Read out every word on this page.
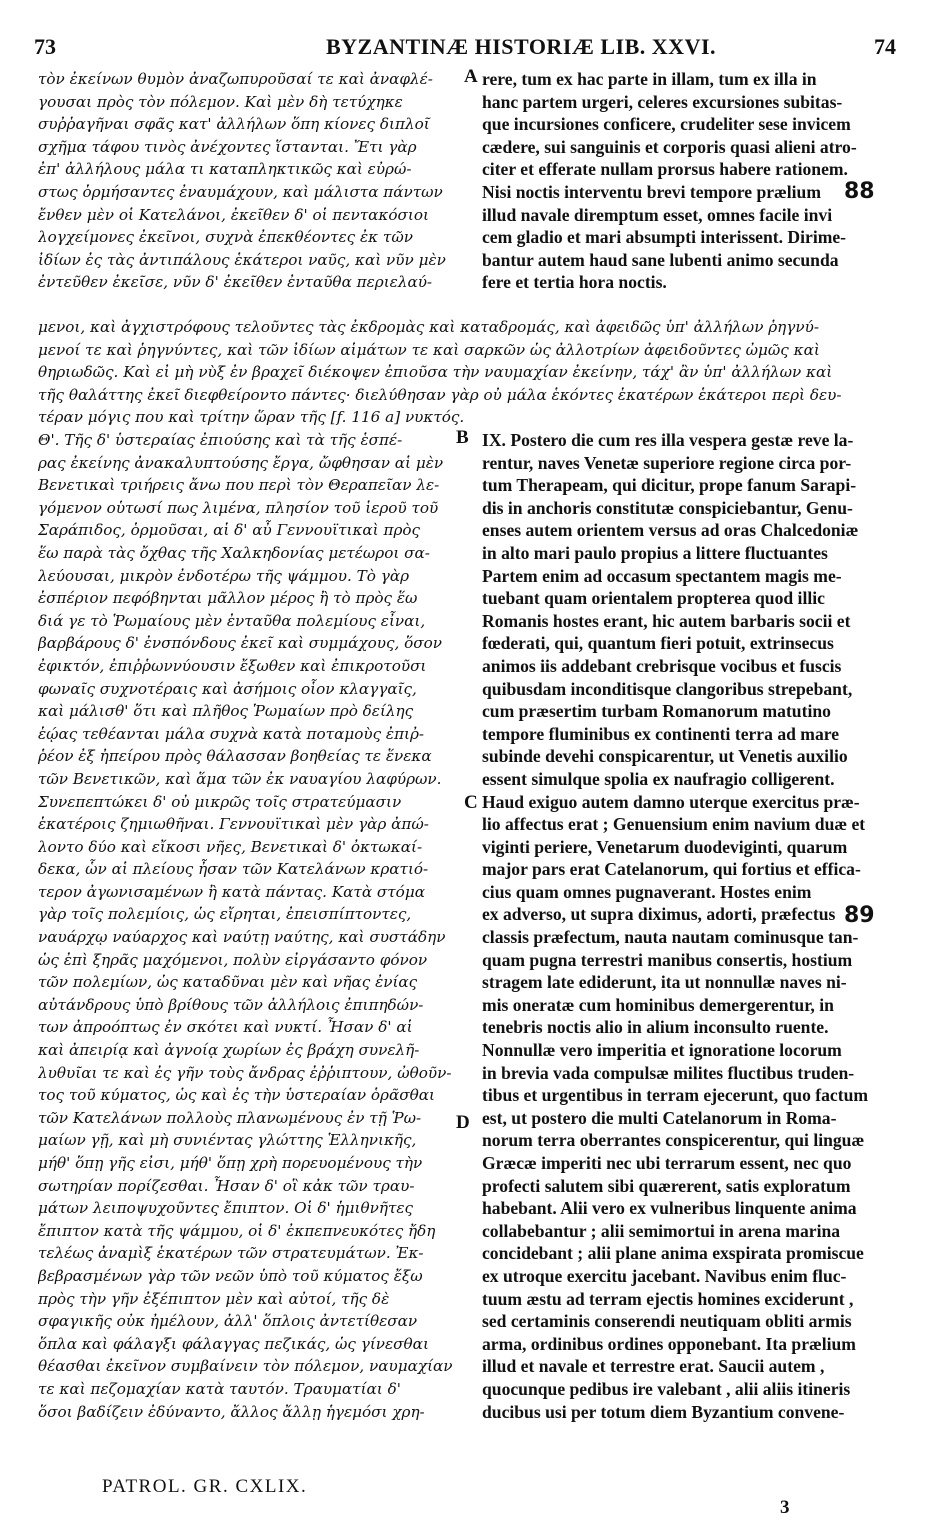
73	BYZANTINÆ HISTORIÆ LIB. XXVI.	74
τὸν ἐκείνων θυμὸν ἀναζωπυροῦσαί τε καὶ ἀναφλέ-
γουσαι πρὸς τὸν πόλεμον. Καὶ μὲν δὴ τετύχηκε
συῤῥαγῆναι σφᾶς κατ' ἀλλήλων ὅπη κίονες διπλοῖ
σχῆμα τάφου τινὸς ἀνέχοντες ἵστανται. Ἔτι γὰρ
ἐπ' ἀλλήλους μάλα τι καταπληκτικῶς καὶ εὐρώ-
στως ὁρμήσαντες ἐναυμάχουν, καὶ μάλιστα πάντων
ἔνθεν μὲν οἱ Κατελάνοι, ἐκεῖθεν δ' οἱ πεντακόσιοι
λογχείμονες ἐκεῖνοι, συχνὰ ἐπεκθέοντες ἐκ τῶν
ἰδίων ἐς τὰς ἀντιπάλους ἑκάτεροι ναῦς, καὶ νῦν μὲν
ἐντεῦθεν ἐκεῖσε, νῦν δ' ἐκεῖθεν ἐνταῦθα περιελαύ-
rere, tum ex hac parte in illam, tum ex illa in
hanc partem urgeri, celeres excursiones subitas-
que incursiones conficere, crudeliter sese invicem
cædere, sui sanguinis et corporis quasi alieni atro-
citer et efferate nullam prorsus habere rationem.
Nisi noctis interventu brevi tempore prælium
illud navale diremptum esset, omnes facile invi
cem gladio et mari absumpti interissent. Dirime-
bantur autem haud sane lubenti animo secunda
fere et tertia hora noctis.
μενοι, καὶ ἀγχιστρόφους τελοῦντες τὰς ἐκδρομὰς καὶ καταδρομάς, καὶ ἀφειδῶς ὑπ' ἀλλήλων ῥηγνύ-
μενοί τε καὶ ῥηγνύντες, καὶ τῶν ἰδίων αἱμάτων τε καὶ σαρκῶν ὡς ἀλλοτρίων ἀφειδοῦντες ὠμῶς καὶ
θηριωδῶς. Καὶ εἰ μὴ νὺξ ἐν βραχεῖ διέκοψεν ἐπιοῦσα τὴν ναυμαχίαν ἐκείνην, τάχ' ἂν ὑπ' ἀλλήλων καὶ
τῆς θαλάττης ἐκεῖ διεφθείροντο πάντες· διελύθησαν γὰρ οὐ μάλα ἑκόντες ἑκατέρων ἑκάτεροι περὶ δευ-
τέραν μόγις που καὶ τρίτην ὥραν τῆς [f. 116 a] νυκτός.
Θ'. Τῆς δ' ὑστεραίας ἐπιούσης καὶ τὰ τῆς ἑσπέ-
ρας ἐκείνης ἀνακαλυπτούσης ἔργα, ὤφθησαν αἱ μὲν
Βενετικαὶ τριήρεις ἄνω που περὶ τὸν Θεραπεῖαν λε-
γόμενον οὑτωσί πως λιμένα, πλησίον τοῦ ἱεροῦ τοῦ
Σαράπιδος, ὁρμοῦσαι, αἱ δ' αὖ Γεννουϊτικαὶ πρὸς
ἕω παρὰ τὰς ὄχθας τῆς Χαλκηδονίας μετέωροι σα-
λεύουσαι, μικρὸν ἐνδοτέρω τῆς ψάμμου. Τὸ γὰρ
ἑσπέριον πεφόβηνται μᾶλλον μέρος ἢ τὸ πρὸς ἕω
διά γε τὸ Ῥωμαίους μὲν ἐνταῦθα πολεμίους εἶναι,
βαρβάρους δ' ἐνσπόνδους ἐκεῖ καὶ συμμάχους, ὅσον
ἐφικτόν, ἐπιῤῥωννύουσιν ἔξωθεν καὶ ἐπικροτοῦσι
φωναῖς συχνοτέραις καὶ ἀσήμοις οἷον κλαγγαῖς,
καὶ μάλισθ' ὅτι καὶ πλῆθος Ῥωμαίων πρὸ δείλης
ἑῴας τεθέανται μάλα συχνὰ κατὰ ποταμοὺς ἐπιῤ-
ῥέον ἐξ ἠπείρου πρὸς θάλασσαν βοηθείας τε ἕνεκα
τῶν Βενετικῶν, καὶ ἅμα τῶν ἐκ ναυαγίου λαφύρων.
Συνεπεπτώκει δ' οὐ μικρῶς τοῖς στρατεύμασιν
ἑκατέροις ζημιωθῆναι. Γεννουϊτικαὶ μὲν γὰρ ἀπώ-
λοντο δύο καὶ εἴκοσι νῆες, Βενετικαὶ δ' ὀκτωκαί-
δεκα, ὧν αἱ πλείους ἦσαν τῶν Κατελάνων κρατιό-
τερον ἀγωνισαμένων ἢ κατὰ πάντας. Κατὰ στόμα
γὰρ τοῖς πολεμίοις, ὡς εἴρηται, ἐπεισπίπτοντες,
ναυάρχῳ ναύαρχος καὶ ναύτῃ ναύτης, καὶ συστάδην
ὡς ἐπὶ ξηρᾶς μαχόμενοι, πολὺν εἰργάσαντο φόνον
τῶν πολεμίων, ὡς καταδῦναι μὲν καὶ νῆας ἐνίας
αὐτάνδρους ὑπὸ βρίθους τῶν ἀλλήλοις ἐπιπηδών-
των ἀπροόπτως ἐν σκότει καὶ νυκτί. Ἦσαν δ' αἱ
καὶ ἀπειρίᾳ καὶ ἀγνοίᾳ χωρίων ἐς βράχη συνελῆ-
λυθυῖαι τε καὶ ἐς γῆν τοὺς ἄνδρας ἐῤῥιπτουν, ὠθοῦν-
τος τοῦ κύματος, ὡς καὶ ἐς τὴν ὑστεραίαν ὁρᾶσθαι
τῶν Κατελάνων πολλοὺς πλανωμένους ἐν τῇ Ῥω-
μαίων γῇ, καὶ μὴ συνιέντας γλώττης Ἑλληνικῆς,
μήθ' ὅπῃ γῆς εἰσι, μήθ' ὅπῃ χρὴ πορευομένους τὴν
σωτηρίαν πορίζεσθαι. Ἦσαν δ' οἳ κἀκ τῶν τραυ-
μάτων λειποψυχοῦντες ἔπιπτον. Οἱ δ' ἡμιθνῆτες
ἔπιπτον κατὰ τῆς ψάμμου, οἱ δ' ἐκπεπνευκότες ἤδη
τελέως ἀναμὶξ ἑκατέρων τῶν στρατευμάτων. Ἐκ-
βεβρασμένων γὰρ τῶν νεῶν ὑπὸ τοῦ κύματος ἔξω
πρὸς τὴν γῆν ἐξέπιπτον μὲν καὶ αὐτοί, τῆς δὲ
σφαγικῆς οὐκ ἠμέλουν, ἀλλ' ὅπλοις ἀντετίθεσαν
ὅπλα καὶ φάλαγξι φάλαγγας πεζικάς, ὡς γίνεσθαι
θέασθαι ἐκεῖνον συμβαίνειν τὸν πόλεμον, ναυμαχίαν
τε καὶ πεζομαχίαν κατὰ ταυτόν. Τραυματίαι δ'
ὅσοι βαδίζειν ἐδύναντο, ἄλλος ἄλλῃ ἡγεμόσι χρη-
IX. Postero die cum res illa vespera gestæ reve la-
rentur, naves Venetæ superiore regione circa por-
tum Therapeam, qui dicitur, prope fanum Sarapi-
dis in anchoris constitutæ conspiciebantur, Genu-
enses autem orientem versus ad oras Chalcedoniæ
in alto mari paulo propius a littere fluctuantes
Partem enim ad occasum spectantem magis me-
tuebant quam orientalem propterea quod illic
Romanis hostes erant, hic autem barbaris socii et
fœderati, qui, quantum fieri potuit, extrinsecus
animos iis addebant crebrisque vocibus et fuscis
quibusdam inconditisque clangoribus strepebant,
cum præsertim turbam Romanorum matutino
tempore fluminibus ex continenti terra ad mare
subinde devehi conspicarentur, ut Venetis auxilio
essent simulque spolia ex naufragio colligerent.
Haud exiguo autem damno uterque exercitus præ-
lio affectus erat ; Genuensium enim navium duæ et
viginti periere, Venetarum duodeviginti, quarum
major pars erat Catelanorum, qui fortius et effica-
cius quam omnes pugnaverant. Hostes enim
ex adverso, ut supra diximus, adorti, præfectus
classis præfectum, nauta nautam cominusque tan-
quam pugna terrestri manibus consertis, hostium
stragem late ediderunt, ita ut nonnullæ naves ni-
mis oneratæ cum hominibus demergerentur, in
tenebris noctis alio in alium inconsulto ruente.
Nonnullæ vero imperitia et ignoratione locorum
in brevia vada compulsæ milites fluctibus truden-
tibus et urgentibus in terram ejecerunt, quo factum
est, ut postero die multi Catelanorum in Roma-
norum terra oberrantes conspicerentur, qui linguæ
Græcæ imperiti nec ubi terrarum essent, nec quo
profecti salutem sibi quærerent, satis exploratum
habebant. Alii vero ex vulneribus linquente anima
collabebantur ; alii semimortui in arena marina
concidebant ; alii plane anima exspirata promiscue
ex utroque exercitu jacebant. Navibus enim fluc-
tuum æstu ad terram ejectis homines exciderunt ,
sed certaminis conserendi neutiquam obliti armis
arma, ordinibus ordines opponebant. Ita prælium
illud et navale et terrestre erat. Saucii autem ,
quocunque pedibus ire valebant , alii aliis itineris
ducibus usi per totum diem Byzantium convene-
A
B
C
D
88
89
PATROL. GR. CXLIX.
3
